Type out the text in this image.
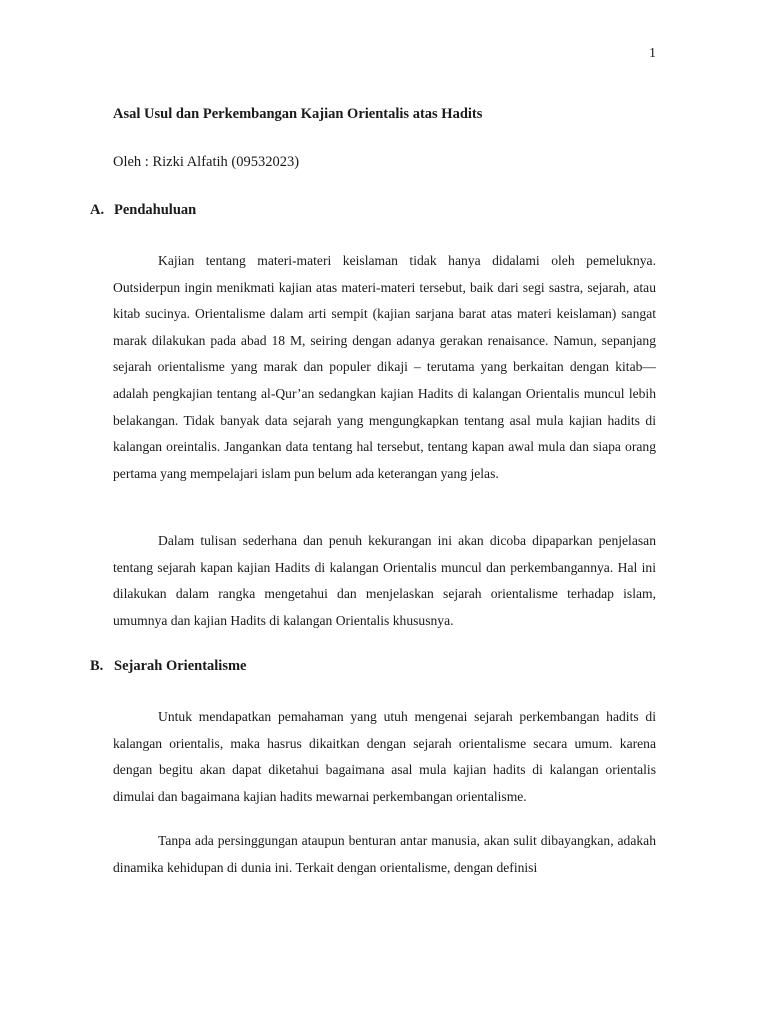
1
Asal Usul dan Perkembangan Kajian Orientalis atas Hadits

Oleh : Rizki Alfatih (09532023)

A. Pendahuluan

Kajian tentang materi-materi keislaman tidak hanya didalami oleh pemeluknya. Outsiderpun ingin menikmati kajian atas materi-materi tersebut, baik dari segi sastra, sejarah, atau kitab sucinya. Orientalisme dalam arti sempit (kajian sarjana barat atas materi keislaman) sangat marak dilakukan pada abad 18 M, seiring dengan adanya gerakan renaisance. Namun, sepanjang sejarah orientalisme yang marak dan populer dikaji – terutama yang berkaitan dengan kitab— adalah pengkajian tentang al-Qur’an sedangkan kajian Hadits di kalangan Orientalis muncul lebih belakangan. Tidak banyak data sejarah yang mengungkapkan tentang asal mula kajian hadits di kalangan oreintalis. Jangankan data tentang hal tersebut, tentang kapan awal mula dan siapa orang pertama yang mempelajari islam pun belum ada keterangan yang jelas.

Dalam tulisan sederhana dan penuh kekurangan ini akan dicoba dipaparkan penjelasan tentang sejarah kapan kajian Hadits di kalangan Orientalis muncul dan perkembangannya. Hal ini dilakukan dalam rangka mengetahui dan menjelaskan sejarah orientalisme terhadap islam, umumnya dan kajian Hadits di kalangan Orientalis khususnya.

B. Sejarah Orientalisme

Untuk mendapatkan pemahaman yang utuh mengenai sejarah perkembangan hadits di kalangan orientalis, maka hasrus dikaitkan dengan sejarah orientalisme secara umum. karena dengan begitu akan dapat diketahui bagaimana asal mula kajian hadits di kalangan orientalis dimulai dan bagaimana kajian hadits mewarnai perkembangan orientalisme.

Tanpa ada persinggungan ataupun benturan antar manusia, akan sulit dibayangkan, adakah dinamika kehidupan di dunia ini. Terkait dengan orientalisme, dengan definisi
